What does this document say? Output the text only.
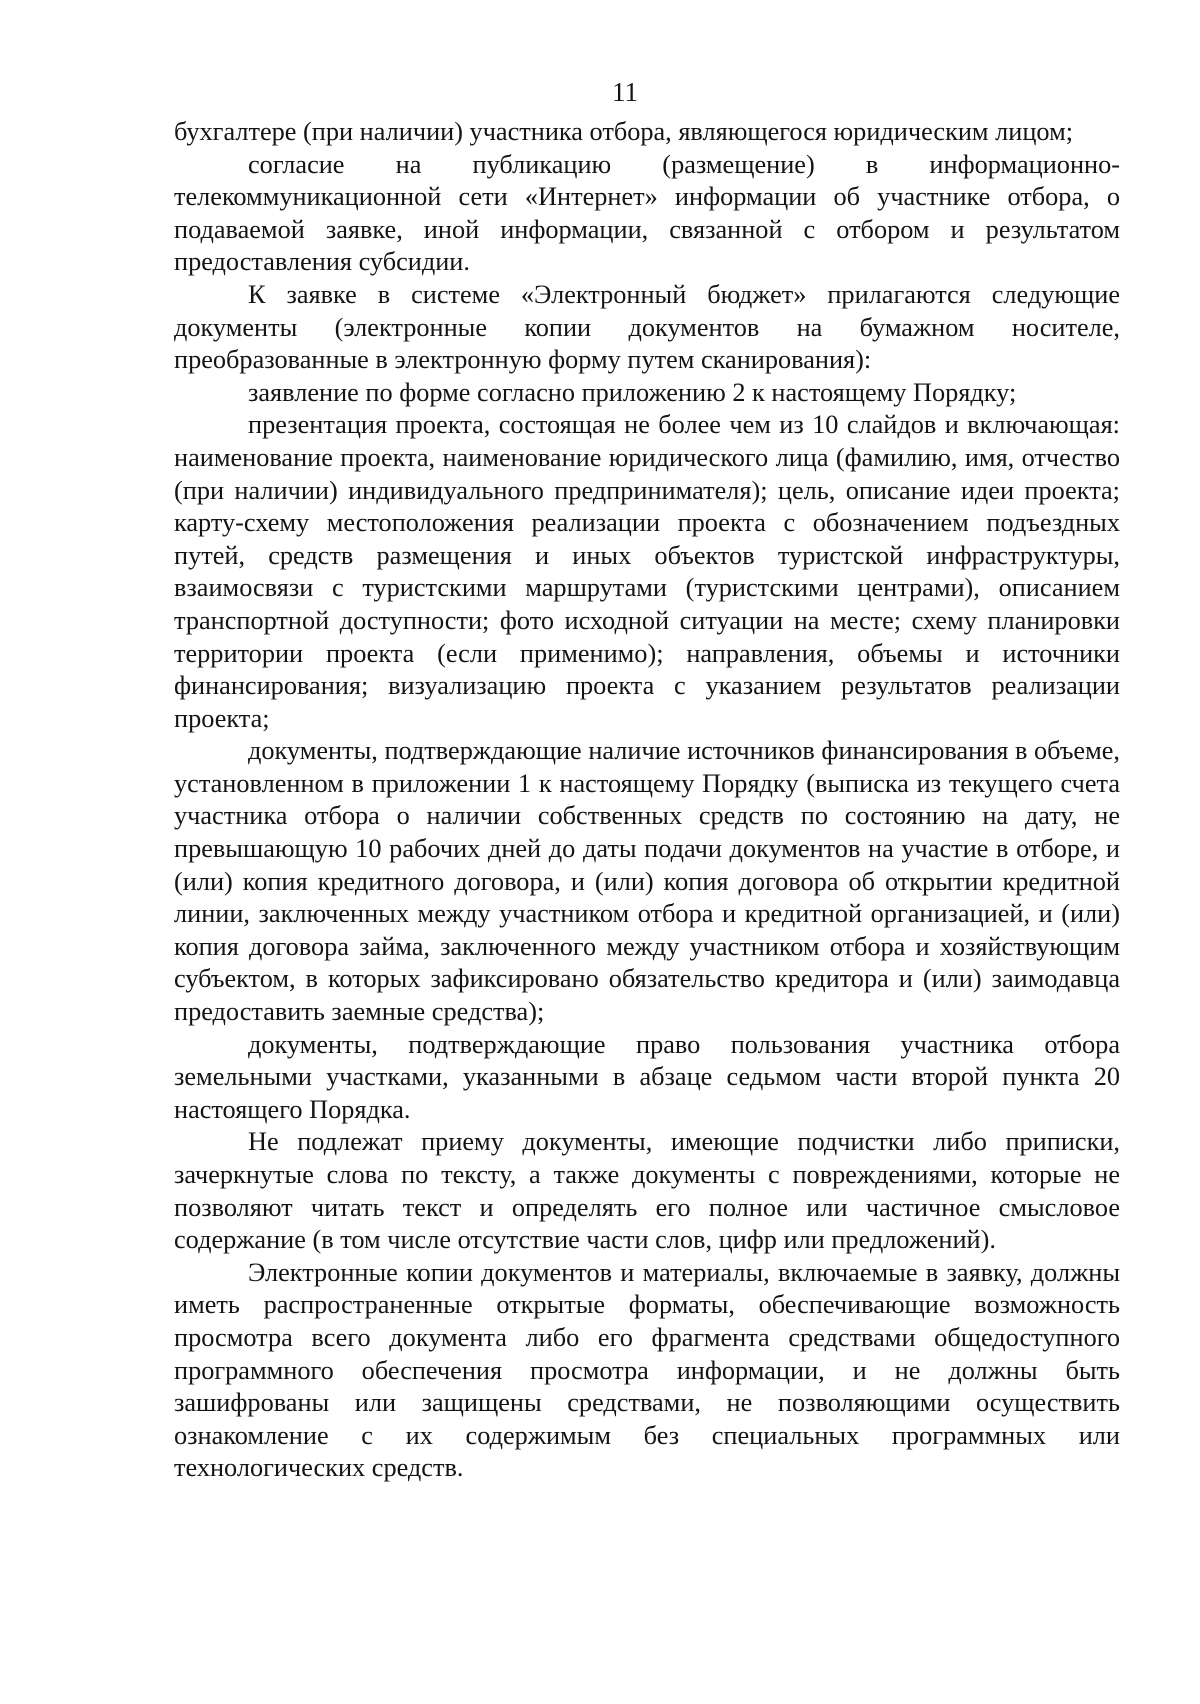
11

бухгалтере (при наличии) участника отбора, являющегося юридическим лицом;

согласие на публикацию (размещение) в информационно-телекоммуникационной сети «Интернет» информации об участнике отбора, о подаваемой заявке, иной информации, связанной с отбором и результатом предоставления субсидии.

К заявке в системе «Электронный бюджет» прилагаются следующие документы (электронные копии документов на бумажном носителе, преобразованные в электронную форму путем сканирования):

заявление по форме согласно приложению 2 к настоящему Порядку;

презентация проекта, состоящая не более чем из 10 слайдов и включающая: наименование проекта, наименование юридического лица (фамилию, имя, отчество (при наличии) индивидуального предпринимателя); цель, описание идеи проекта; карту-схему местоположения реализации проекта с обозначением подъездных путей, средств размещения и иных объектов туристской инфраструктуры, взаимосвязи с туристскими маршрутами (туристскими центрами), описанием транспортной доступности; фото исходной ситуации на месте; схему планировки территории проекта (если применимо); направления, объемы и источники финансирования; визуализацию проекта с указанием результатов реализации проекта;

документы, подтверждающие наличие источников финансирования в объеме, установленном в приложении 1 к настоящему Порядку (выписка из текущего счета участника отбора о наличии собственных средств по состоянию на дату, не превышающую 10 рабочих дней до даты подачи документов на участие в отборе, и (или) копия кредитного договора, и (или) копия договора об открытии кредитной линии, заключенных между участником отбора и кредитной организацией, и (или) копия договора займа, заключенного между участником отбора и хозяйствующим субъектом, в которых зафиксировано обязательство кредитора и (или) заимодавца предоставить заемные средства);

документы, подтверждающие право пользования участника отбора земельными участками, указанными в абзаце седьмом части второй пункта 20 настоящего Порядка.

Не подлежат приему документы, имеющие подчистки либо приписки, зачеркнутые слова по тексту, а также документы с повреждениями, которые не позволяют читать текст и определять его полное или частичное смысловое содержание (в том числе отсутствие части слов, цифр или предложений).

Электронные копии документов и материалы, включаемые в заявку, должны иметь распространенные открытые форматы, обеспечивающие возможность просмотра всего документа либо его фрагмента средствами общедоступного программного обеспечения просмотра информации, и не должны быть зашифрованы или защищены средствами, не позволяющими осуществить ознакомление с их содержимым без специальных программных или технологических средств.
